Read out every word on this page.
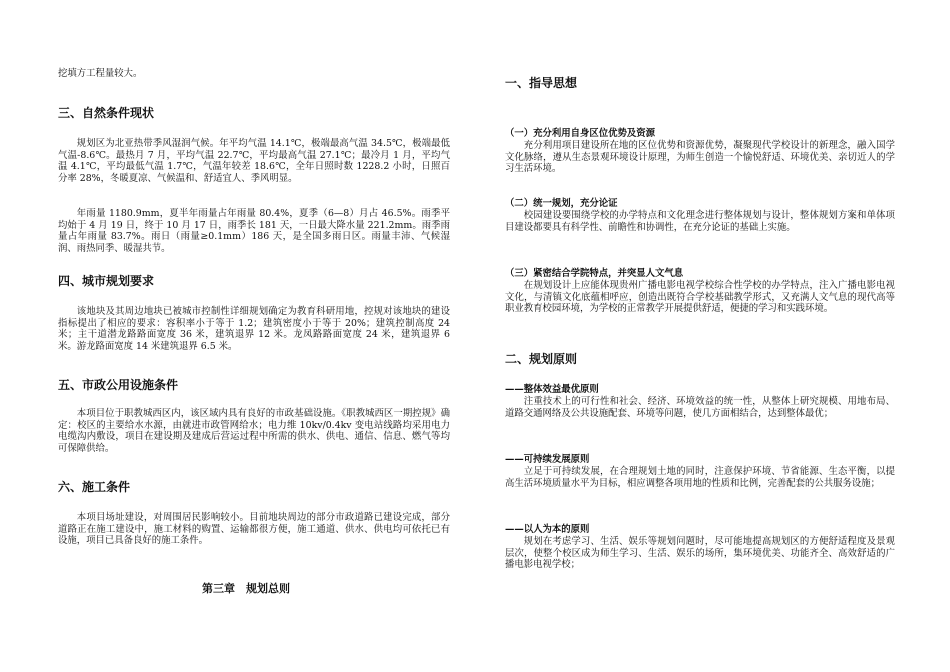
挖填方工程量较大。
三、自然条件现状
规划区为北亚热带季风湿润气候。年平均气温 14.1℃，极端最高气温 34.5℃，极端最低气温-8.6℃。最热月 7 月，平均气温 22.7℃，平均最高气温 27.1℃；最冷月 1 月，平均气温 4.1℃，平均最低气温 1.7℃，气温年较差 18.6℃，全年日照时数 1228.2 小时，日照百分率 28%，冬暖夏凉、气候温和、舒适宜人、季风明显。
年雨量 1180.9mm，夏半年雨量占年雨量 80.4%，夏季（6—8）月占 46.5%。雨季平均始于 4 月 19 日，终于 10 月 17 日，雨季长 181 天，一日最大降水量 221.2mm。雨季雨量占年雨量 83.7%。雨日（雨量≥0.1mm）186 天，是全国多雨日区。雨量丰沛、气候湿润、雨热同季、暖湿共节。
四、城市规划要求
该地块及其周边地块已被城市控制性详细规划确定为教育科研用地，控规对该地块的建设指标提出了相应的要求：容积率小于等于 1.2；建筑密度小于等于 20%；建筑控制高度 24 米；主干道潜龙路路面宽度 36 米，建筑退界 12 米。龙凤路路面宽度 24 米，建筑退界 6 米。游龙路面宽度 14 米建筑退界 6.5 米。
五、市政公用设施条件
本项目位于职教城西区内，该区域内具有良好的市政基础设施。《职教城西区一期控规》确定：校区的主要给水水源，由就进市政管网给水；电力维 10kv/0.4kv 变电站线路均采用电力电缆沟内敷设，项目在建设期及建成后营运过程中所需的供水、供电、通信、信息、燃气等均可保障供给。
六、施工条件
本项目场址建设，对周围居民影响较小。目前地块周边的部分市政道路已建设完成，部分道路正在施工建设中，施工材料的购置、运输都很方便，施工通道、供水、供电均可依托已有设施，项目已具备良好的施工条件。
第三章　规划总则
一、指导思想
（一）充分利用自身区位优势及资源
充分利用项目建设所在地的区位优势和资源优势，凝聚现代学校设计的新理念，融入国学文化脉络，遵从生态景观环境设计原理，为师生创造一个愉悦舒适、环境优美、亲切近人的学习生活环境。
（二）统一规划，充分论证
校园建设要围绕学校的办学特点和文化理念进行整体规划与设计，整体规划方案和单体项目建设都要具有科学性、前瞻性和协调性，在充分论证的基础上实施。
（三）紧密结合学院特点，并突显人文气息
在规划设计上应能体现贵州广播电影电视学校综合性学校的办学特点，注入广播电影电视文化，与清镇文化底蕴相呼应，创造出既符合学校基础教学形式，又充满人文气息的现代高等职业教育校园环境，为学校的正常教学开展提供舒适，便捷的学习和实践环境。
二、规划原则
——整体效益最优原则
注重技术上的可行性和社会、经济、环境效益的统一性，从整体上研究规模、用地布局、道路交通网络及公共设施配套、环境等问题，使几方面相结合，达到整体最优；
——可持续发展原则
立足于可持续发展，在合理规划土地的同时，注意保护环境、节省能源、生态平衡，以提高生活环境质量水平为目标，相应调整各项用地的性质和比例，完善配套的公共服务设施；
——以人为本的原则
规划在考虑学习、生活、娱乐等规划问题时，尽可能地提高规划区的方便舒适程度及景观层次，使整个校区成为师生学习、生活、娱乐的场所，集环境优美、功能齐全、高效舒适的广播电影电视学校；
